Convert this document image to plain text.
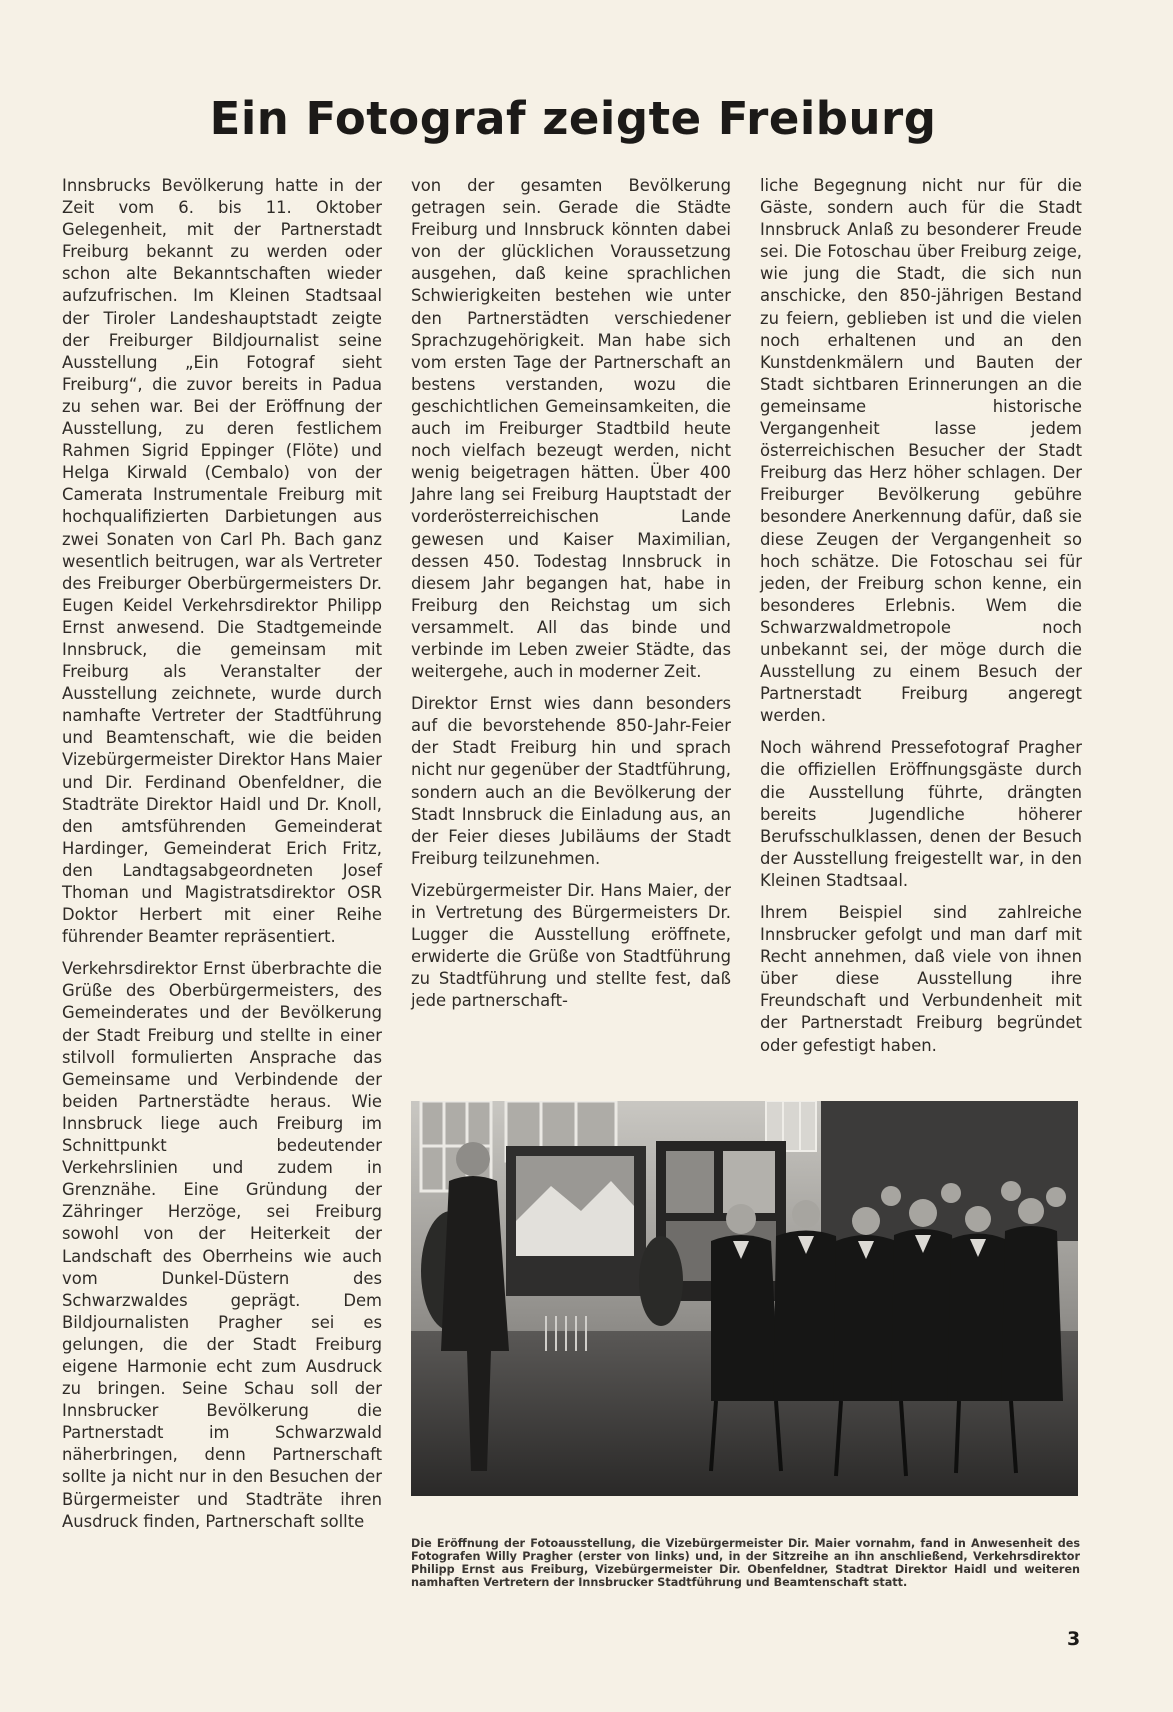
Ein Fotograf zeigte Freiburg

Innsbrucks Bevölkerung hatte in der Zeit vom 6. bis 11. Oktober Gelegenheit, mit der Partnerstadt Freiburg bekannt zu werden oder schon alte Bekanntschaften wieder aufzufrischen. Im Kleinen Stadtsaal der Tiroler Landeshauptstadt zeigte der Freiburger Bildjournalist seine Ausstellung „Ein Fotograf sieht Freiburg“, die zuvor bereits in Padua zu sehen war. Bei der Eröffnung der Ausstellung, zu deren festlichem Rahmen Sigrid Eppinger (Flöte) und Helga Kirwald (Cembalo) von der Camerata Instrumentale Freiburg mit hochqualifizierten Darbietungen aus zwei Sonaten von Carl Ph. Bach ganz wesentlich beitrugen, war als Vertreter des Freiburger Oberbürgermeisters Dr. Eugen Keidel Verkehrsdirektor Philipp Ernst anwesend. Die Stadtgemeinde Innsbruck, die gemeinsam mit Freiburg als Veranstalter der Ausstellung zeichnete, wurde durch namhafte Vertreter der Stadtführung und Beamtenschaft, wie die beiden Vizebürgermeister Direktor Hans Maier und Dir. Ferdinand Obenfeldner, die Stadträte Direktor Haidl und Dr. Knoll, den amtsführenden Gemeinderat Hardinger, Gemeinderat Erich Fritz, den Landtagsabgeordneten Josef Thoman und Magistratsdirektor OSR Doktor Herbert mit einer Reihe führender Beamter repräsentiert.

Verkehrsdirektor Ernst überbrachte die Grüße des Oberbürgermeisters, des Gemeinderates und der Bevölkerung der Stadt Freiburg und stellte in einer stilvoll formulierten Ansprache das Gemeinsame und Verbindende der beiden Partnerstädte heraus. Wie Innsbruck liege auch Freiburg im Schnittpunkt bedeutender Verkehrslinien und zudem in Grenznähe. Eine Gründung der Zähringer Herzöge, sei Freiburg sowohl von der Heiterkeit der Landschaft des Oberrheins wie auch vom Dunkel-Düstern des Schwarzwaldes geprägt. Dem Bildjournalisten Pragher sei es gelungen, die der Stadt Freiburg eigene Harmonie echt zum Ausdruck zu bringen. Seine Schau soll der Innsbrucker Bevölkerung die Partnerstadt im Schwarzwald näherbringen, denn Partnerschaft sollte ja nicht nur in den Besuchen der Bürgermeister und Stadträte ihren Ausdruck finden, Partnerschaft sollte

von der gesamten Bevölkerung getragen sein. Gerade die Städte Freiburg und Innsbruck könnten dabei von der glücklichen Voraussetzung ausgehen, daß keine sprachlichen Schwierigkeiten bestehen wie unter den Partnerstädten verschiedener Sprachzugehörigkeit. Man habe sich vom ersten Tage der Partnerschaft an bestens verstanden, wozu die geschichtlichen Gemeinsamkeiten, die auch im Freiburger Stadtbild heute noch vielfach bezeugt werden, nicht wenig beigetragen hätten. Über 400 Jahre lang sei Freiburg Hauptstadt der vorderösterreichischen Lande gewesen und Kaiser Maximilian, dessen 450. Todestag Innsbruck in diesem Jahr begangen hat, habe in Freiburg den Reichstag um sich versammelt. All das binde und verbinde im Leben zweier Städte, das weitergehe, auch in moderner Zeit.

Direktor Ernst wies dann besonders auf die bevorstehende 850-Jahr-Feier der Stadt Freiburg hin und sprach nicht nur gegenüber der Stadtführung, sondern auch an die Bevölkerung der Stadt Innsbruck die Einladung aus, an der Feier dieses Jubiläums der Stadt Freiburg teilzunehmen.

Vizebürgermeister Dir. Hans Maier, der in Vertretung des Bürgermeisters Dr. Lugger die Ausstellung eröffnete, erwiderte die Grüße von Stadtführung zu Stadtführung und stellte fest, daß jede partnerschaft-

liche Begegnung nicht nur für die Gäste, sondern auch für die Stadt Innsbruck Anlaß zu besonderer Freude sei. Die Fotoschau über Freiburg zeige, wie jung die Stadt, die sich nun anschicke, den 850-jährigen Bestand zu feiern, geblieben ist und die vielen noch erhaltenen und an den Kunstdenkmälern und Bauten der Stadt sichtbaren Erinnerungen an die gemeinsame historische Vergangenheit lasse jedem österreichischen Besucher der Stadt Freiburg das Herz höher schlagen. Der Freiburger Bevölkerung gebühre besondere Anerkennung dafür, daß sie diese Zeugen der Vergangenheit so hoch schätze. Die Fotoschau sei für jeden, der Freiburg schon kenne, ein besonderes Erlebnis. Wem die Schwarzwaldmetropole noch unbekannt sei, der möge durch die Ausstellung zu einem Besuch der Partnerstadt Freiburg angeregt werden.

Noch während Pressefotograf Pragher die offiziellen Eröffnungsgäste durch die Ausstellung führte, drängten bereits Jugendliche höherer Berufsschulklassen, denen der Besuch der Ausstellung freigestellt war, in den Kleinen Stadtsaal.

Ihrem Beispiel sind zahlreiche Innsbrucker gefolgt und man darf mit Recht annehmen, daß viele von ihnen über diese Ausstellung ihre Freundschaft und Verbundenheit mit der Partnerstadt Freiburg begründet oder gefestigt haben.

Die Eröffnung der Fotoausstellung, die Vizebürgermeister Dir. Maier vornahm, fand in Anwesenheit des Fotografen Willy Pragher (erster von links) und, in der Sitzreihe an ihn anschließend, Verkehrsdirektor Philipp Ernst aus Freiburg, Vizebürgermeister Dir. Obenfeldner, Stadtrat Direktor Haidl und weiteren namhaften Vertretern der Innsbrucker Stadtführung und Beamtenschaft statt.

3
